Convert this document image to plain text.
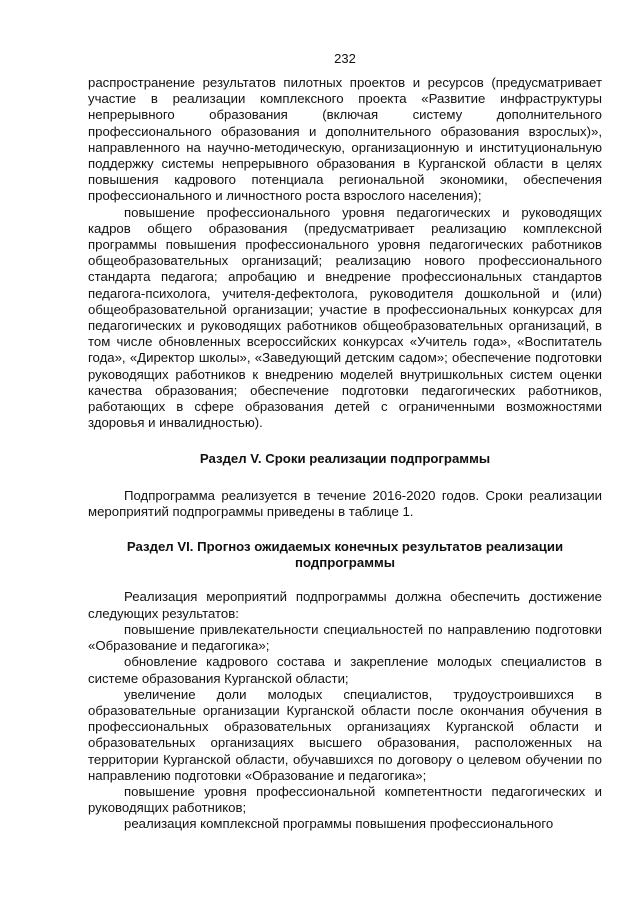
232

распространение результатов пилотных проектов и ресурсов (предусматривает участие в реализации комплексного проекта «Развитие инфраструктуры непрерывного образования (включая систему дополнительного профессионального образования и дополнительного образования взрослых)», направленного на научно-методическую, организационную и институциональную поддержку системы непрерывного образования в Курганской области в целях повышения кадрового потенциала региональной экономики, обеспечения профессионального и личностного роста взрослого населения);

повышение профессионального уровня педагогических и руководящих кадров общего образования (предусматривает реализацию комплексной программы повышения профессионального уровня педагогических работников общеобразовательных организаций; реализацию нового профессионального стандарта педагога; апробацию и внедрение профессиональных стандартов педагога-психолога, учителя-дефектолога, руководителя дошкольной и (или) общеобразовательной организации; участие в профессиональных конкурсах для педагогических и руководящих работников общеобразовательных организаций, в том числе обновленных всероссийских конкурсах «Учитель года», «Воспитатель года», «Директор школы», «Заведующий детским садом»; обеспечение подготовки руководящих работников к внедрению моделей внутришкольных систем оценки качества образования; обеспечение подготовки педагогических работников, работающих в сфере образования детей с ограниченными возможностями здоровья и инвалидностью).

Раздел V. Сроки реализации подпрограммы

Подпрограмма реализуется в течение 2016-2020 годов. Сроки реализации мероприятий подпрограммы приведены в таблице 1.

Раздел VI. Прогноз ожидаемых конечных результатов реализации
подпрограммы

Реализация мероприятий подпрограммы должна обеспечить достижение следующих результатов:

повышение привлекательности специальностей по направлению подготовки «Образование и педагогика»;

обновление кадрового состава и закрепление молодых специалистов в системе образования Курганской области;

увеличение доли молодых специалистов, трудоустроившихся в образовательные организации Курганской области после окончания обучения в профессиональных образовательных организациях Курганской области и образовательных организациях высшего образования, расположенных на территории Курганской области, обучавшихся по договору о целевом обучении по направлению подготовки «Образование и педагогика»;

повышение уровня профессиональной компетентности педагогических и руководящих работников;

реализация комплексной программы повышения профессионального
